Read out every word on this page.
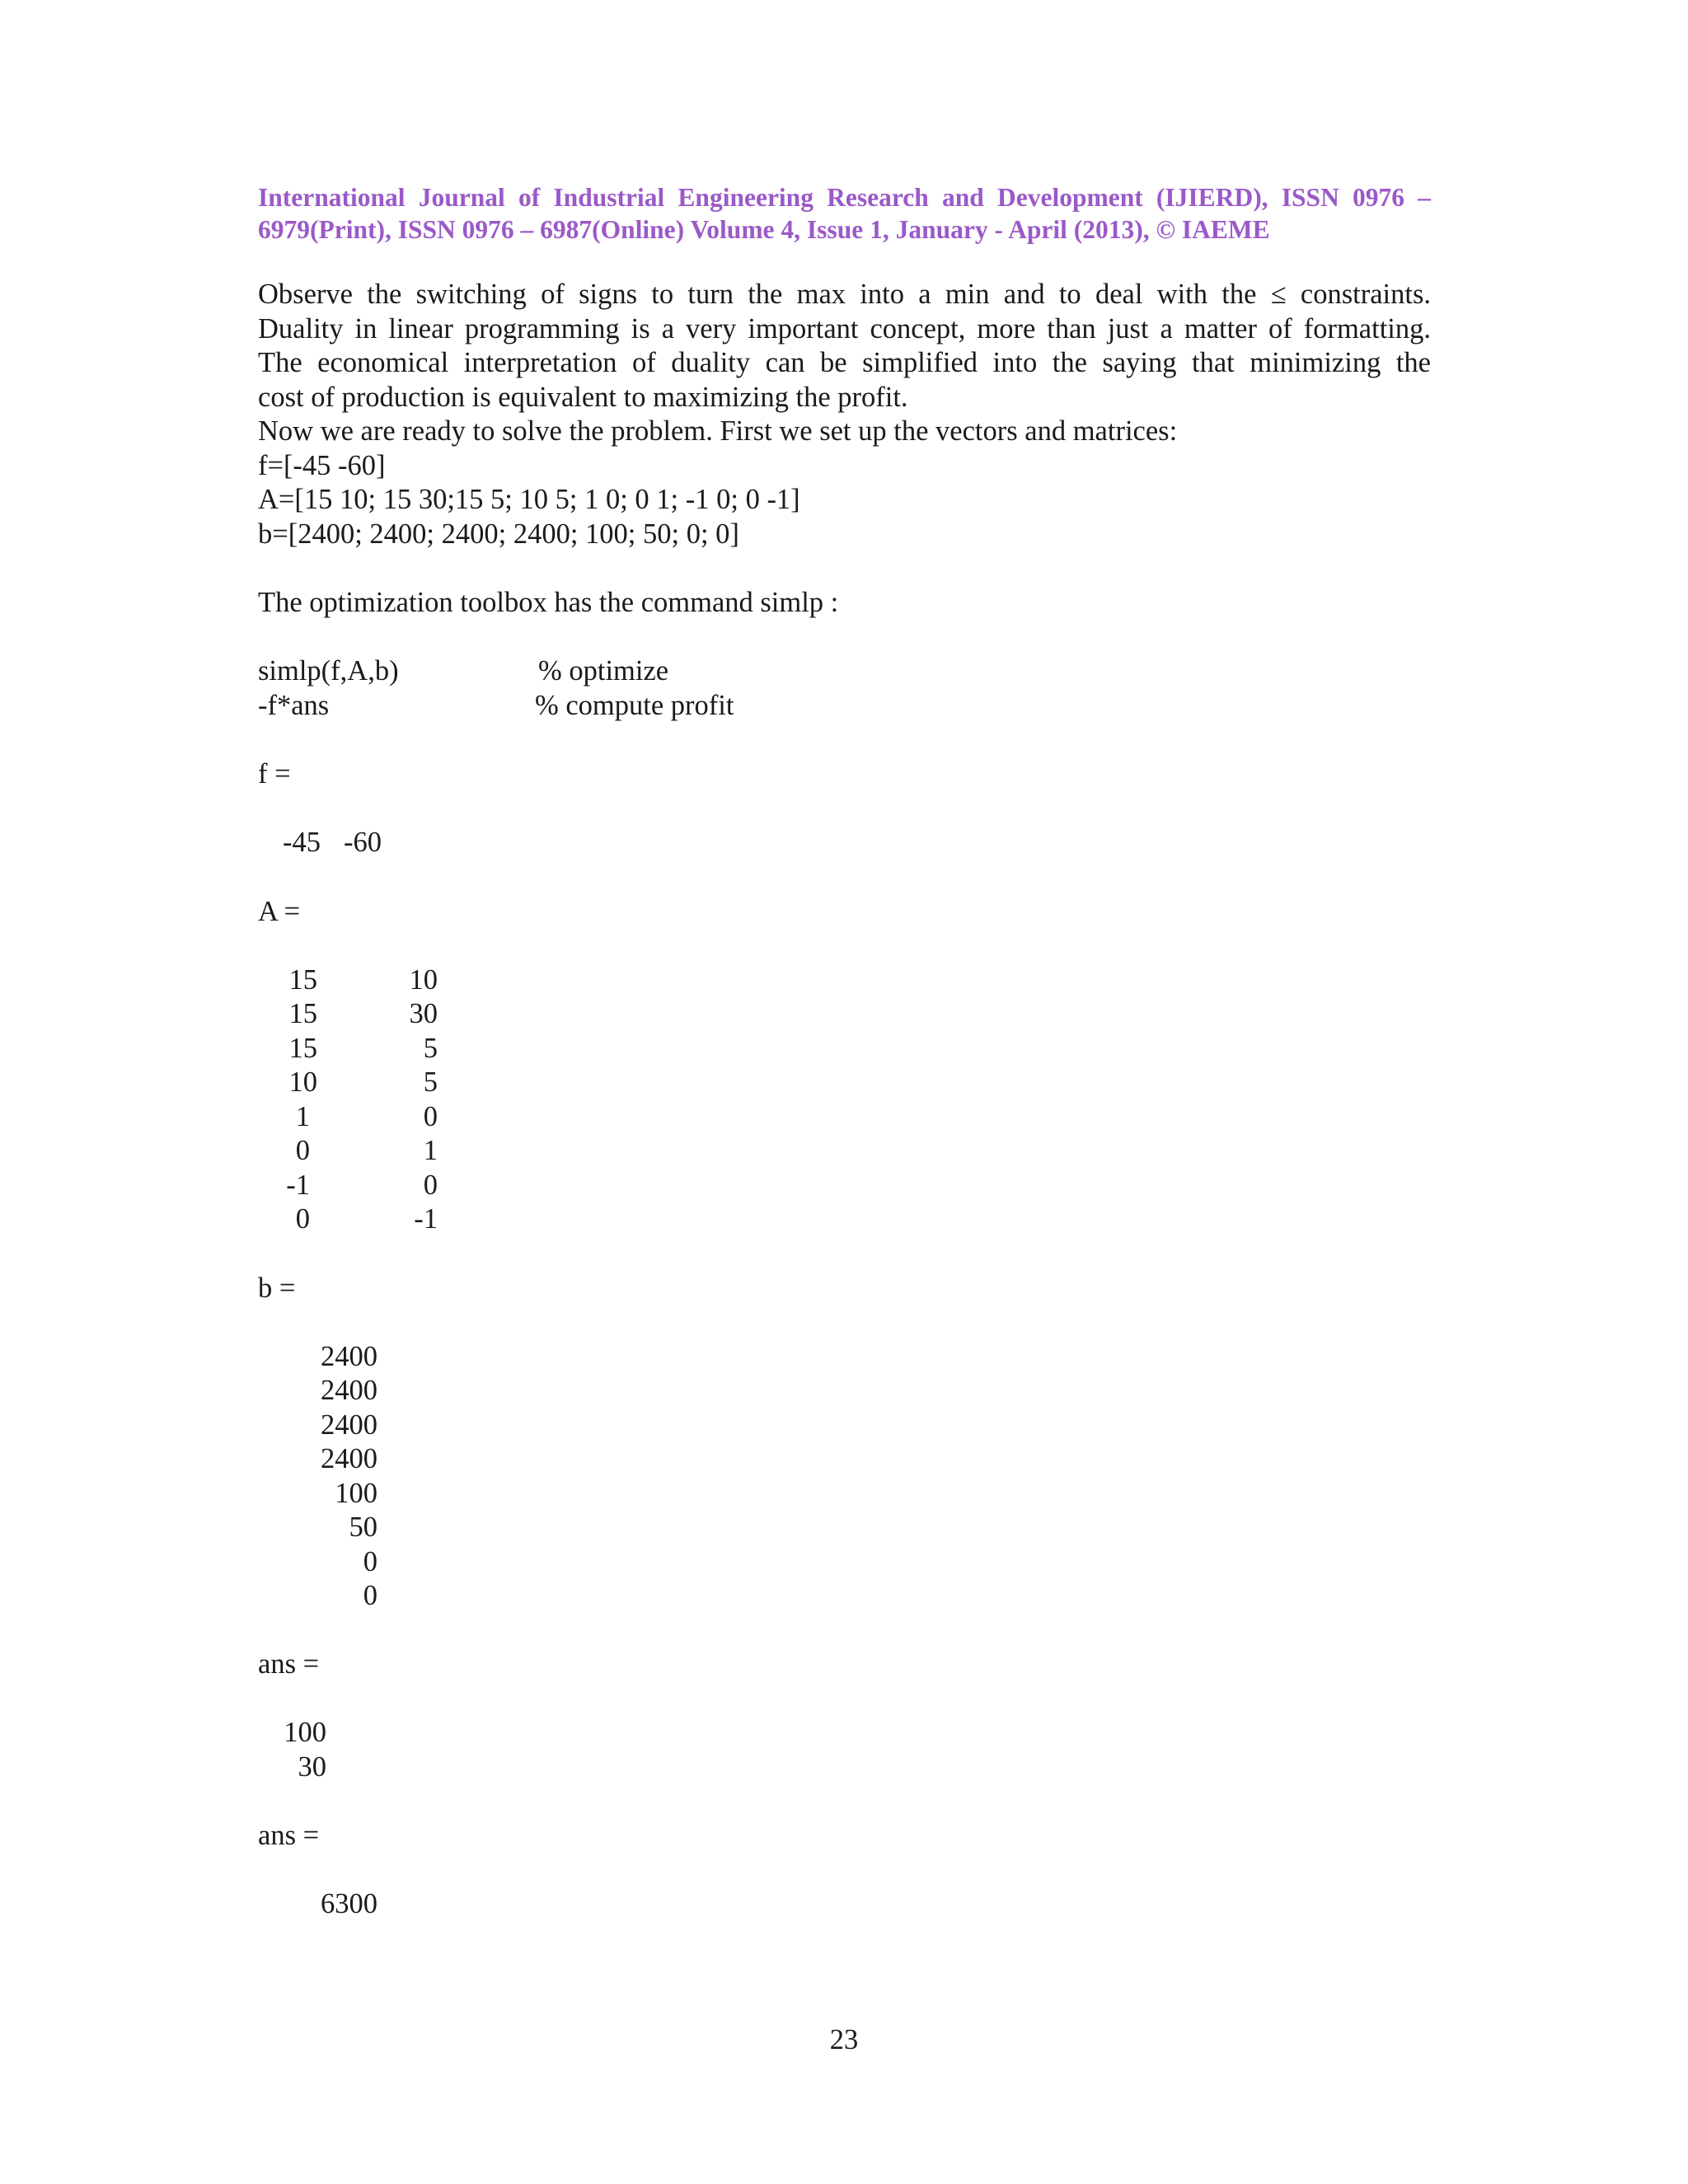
International Journal of Industrial Engineering Research and Development (IJIERD), ISSN 0976 – 6979(Print), ISSN 0976 – 6987(Online) Volume 4, Issue 1, January - April (2013), © IAEME
Observe the switching of signs to turn the max into a min and to deal with the ≤ constraints.
Duality in linear programming is a very important concept, more than just a matter of formatting.
The economical interpretation of duality can be simplified into the saying that minimizing the
cost of production is equivalent to maximizing the profit.
Now we are ready to solve the problem. First we set up the vectors and matrices:
f=[-45 -60]
A=[15 10; 15 30;15 5; 10 5; 1 0; 0 1; -1 0; 0 -1]
b=[2400; 2400; 2400; 2400; 100; 50; 0; 0]
The optimization toolbox has the command simlp :
simlp(f,A,b)	% optimize
-f*ans	% compute profit
f =
-45 -60
A =
15	10
15	30
15	5
10	5
1	0
0	1
-1	0
0	-1
b =
2400
2400
2400
2400
100
50
0
0
ans =
100
30
ans =
6300
23
